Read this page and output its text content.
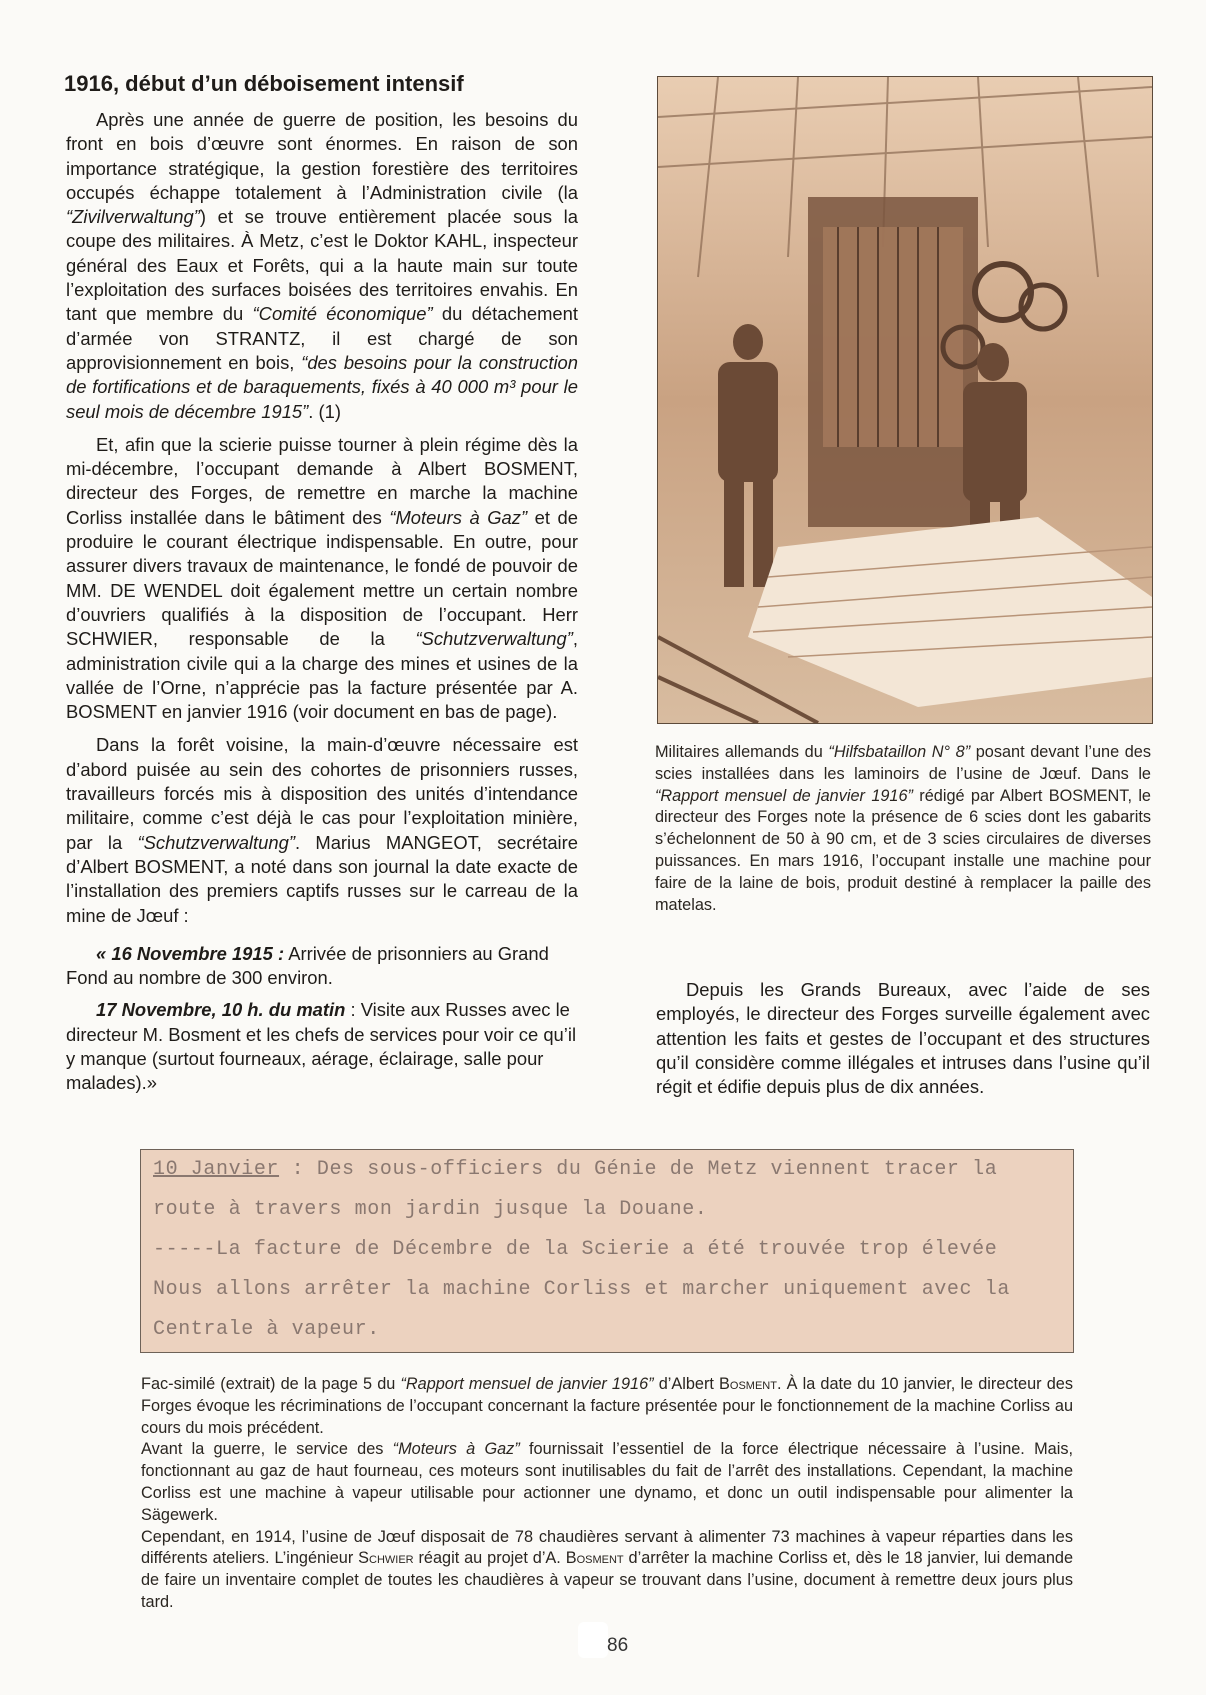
1916, début d’un déboisement intensif

Après une année de guerre de position, les besoins du front en bois d’œuvre sont énormes. En raison de son importance stratégique, la gestion forestière des territoires occupés échappe totalement à l’Administration civile (la “Zivilverwaltung”) et se trouve entièrement placée sous la coupe des militaires. À Metz, c’est le Doktor KAHL, inspecteur général des Eaux et Forêts, qui a la haute main sur toute l’exploitation des surfaces boisées des territoires envahis. En tant que membre du “Comité économique” du détachement d’armée von STRANTZ, il est chargé de son approvisionnement en bois, “des besoins pour la construction de fortifications et de baraquements, fixés à 40 000 m³ pour le seul mois de décembre 1915”. (1)

Et, afin que la scierie puisse tourner à plein régime dès la mi-décembre, l’occupant demande à Albert BOSMENT, directeur des Forges, de remettre en marche la machine Corliss installée dans le bâtiment des “Moteurs à Gaz” et de produire le courant électrique indispensable. En outre, pour assurer divers travaux de maintenance, le fondé de pouvoir de MM. DE WENDEL doit également mettre un certain nombre d’ouvriers qualifiés à la disposition de l’occupant. Herr SCHWIER, responsable de la “Schutzverwaltung”, administration civile qui a la charge des mines et usines de la vallée de l’Orne, n’apprécie pas la facture présentée par A. BOSMENT en janvier 1916 (voir document en bas de page).

Dans la forêt voisine, la main-d’œuvre nécessaire est d’abord puisée au sein des cohortes de prisonniers russes, travailleurs forcés mis à disposition des unités d’intendance militaire, comme c’est déjà le cas pour l’exploitation minière, par la “Schutzverwaltung”. Marius MANGEOT, secrétaire d’Albert BOSMENT, a noté dans son journal la date exacte de l’installation des premiers captifs russes sur le carreau de la mine de Jœuf :

« 16 Novembre 1915 : Arrivée de prisonniers au Grand Fond au nombre de 300 environ.

17 Novembre, 10 h. du matin : Visite aux Russes avec le directeur M. Bosment et les chefs de services pour voir ce qu’il y manque (surtout fourneaux, aérage, éclairage, salle pour malades).»

Militaires allemands du “Hilfsbataillon N° 8” posant devant l’une des scies installées dans les laminoirs de l’usine de Jœuf. Dans le “Rapport mensuel de janvier 1916” rédigé par Albert BOSMENT, le directeur des Forges note la présence de 6 scies dont les gabarits s’échelonnent de 50 à 90 cm, et de 3 scies circulaires de diverses puissances. En mars 1916, l’occupant installe une machine pour faire de la laine de bois, produit destiné à remplacer la paille des matelas.
Depuis les Grands Bureaux, avec l’aide de ses employés, le directeur des Forges surveille également avec attention les faits et gestes de l’occupant et des structures qu’il considère comme illégales et intruses dans l’usine qu’il régit et édifie depuis plus de dix années.
10 Janvier : Des sous-officiers du Génie de Metz viennent tracer la
route à travers mon jardin jusque la Douane.
-----La facture de Décembre de la Scierie a été trouvée trop élevée
Nous allons arrêter la machine Corliss et marcher uniquement avec la
Centrale à vapeur.

Fac-similé (extrait) de la page 5 du “Rapport mensuel de janvier 1916” d’Albert Bosment. À la date du 10 janvier, le directeur des Forges évoque les récriminations de l’occupant concernant la facture présentée pour le fonctionnement de la machine Corliss au cours du mois précédent.

Avant la guerre, le service des “Moteurs à Gaz” fournissait l’essentiel de la force électrique nécessaire à l’usine. Mais, fonctionnant au gaz de haut fourneau, ces moteurs sont inutilisables du fait de l’arrêt des installations. Cependant, la machine Corliss est une machine à vapeur utilisable pour actionner une dynamo, et donc un outil indispensable pour alimenter la Sägewerk.

Cependant, en 1914, l’usine de Jœuf disposait de 78 chaudières servant à alimenter 73 machines à vapeur réparties dans les différents ateliers. L’ingénieur Schwier réagit au projet d’A. Bosment d’arrêter la machine Corliss et, dès le 18 janvier, lui demande de faire un inventaire complet de toutes les chaudières à vapeur se trouvant dans l’usine, document à remettre deux jours plus tard.

86
